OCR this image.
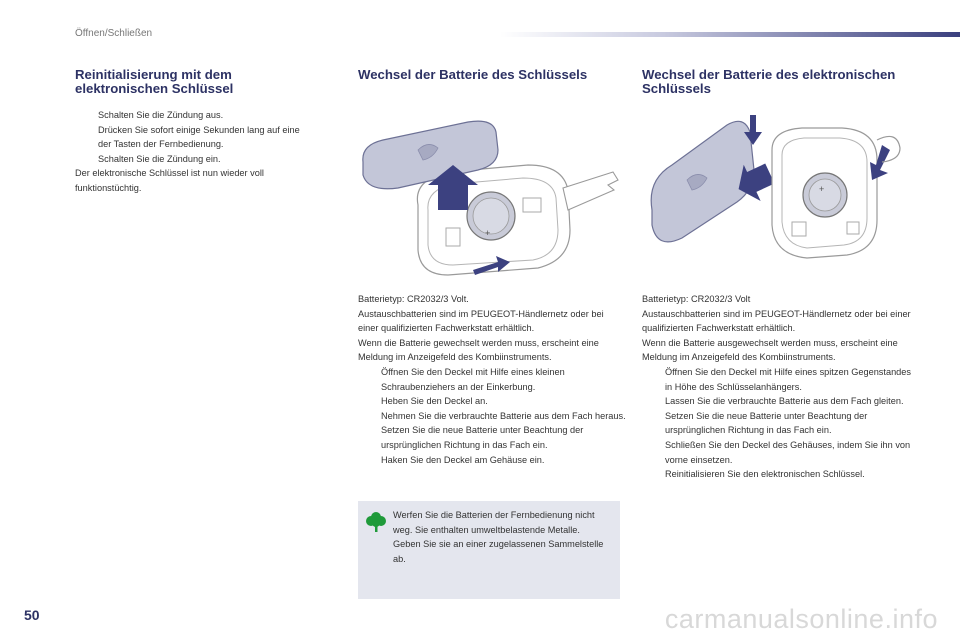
Öffnen/Schließen
Reinitialisierung mit dem elektronischen Schlüssel
Schalten Sie die Zündung aus.
Drücken Sie sofort einige Sekunden lang auf eine der Tasten der Fernbedienung.
Schalten Sie die Zündung ein.
Der elektronische Schlüssel ist nun wieder voll funktionstüchtig.
Wechsel der Batterie des Schlüssels	Wechsel der Batterie des elektronischen Schlüssels
+
+
Batterietyp: CR2032/3 Volt.
Austauschbatterien sind im PEUGEOT-Händlernetz oder bei einer qualifizierten Fachwerkstatt erhältlich.
Wenn die Batterie gewechselt werden muss, erscheint eine Meldung im Anzeigefeld des Kombiinstruments.
Öffnen Sie den Deckel mit Hilfe eines kleinen Schraubenziehers an der Einkerbung.
Heben Sie den Deckel an.
Nehmen Sie die verbrauchte Batterie aus dem Fach heraus.
Setzen Sie die neue Batterie unter Beachtung der ursprünglichen Richtung in das Fach ein.
Haken Sie den Deckel am Gehäuse ein.
Werfen Sie die Batterien der Fernbedienung nicht weg. Sie enthalten umweltbelastende Metalle.
Geben Sie sie an einer zugelassenen Sammelstelle ab.
Batterietyp: CR2032/3 Volt
Austauschbatterien sind im PEUGEOT-Händlernetz oder bei einer qualifizierten Fachwerkstatt erhältlich.
Wenn die Batterie ausgewechselt werden muss, erscheint eine Meldung im Anzeigefeld des Kombiinstruments.
Öffnen Sie den Deckel mit Hilfe eines spitzen Gegenstandes in Höhe des Schlüsselanhängers.
Lassen Sie die verbrauchte Batterie aus dem Fach gleiten.
Setzen Sie die neue Batterie unter Beachtung der ursprünglichen Richtung in das Fach ein.
Schließen Sie den Deckel des Gehäuses, indem Sie ihn von vorne einsetzen.
Reinitialisieren Sie den elektronischen Schlüssel.
50	carmanualsonline.info
